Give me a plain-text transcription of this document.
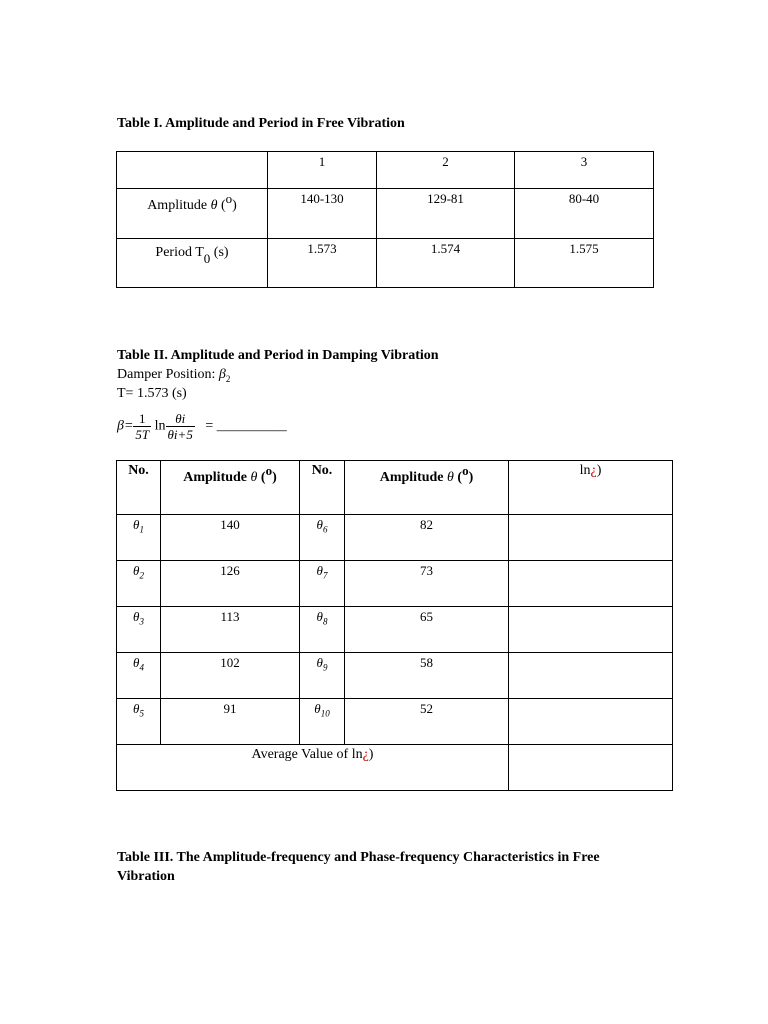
Table I. Amplitude and Period in Free Vibration
	1	2	3
Amplitude θ (o)	140-130	129-81	80-40
Period $T_0$ (s)	1.573	1.574	1.575
Table II. Amplitude and Period in Damping Vibration
Damper Position: $\beta_2$
T= 1.573 (s)
$\beta= \frac{1}{5T}$ $\ln \frac{\theta i}{\theta i+5}$ = __________
No.	Amplitude θ (o)	No.	Amplitude θ (o)	ln¿)
$\theta_1$	140	$\theta_6$	82	
$\theta_2$	126	$\theta_7$	73	
$\theta_3$	113	$\theta_8$	65	
$\theta_4$	102	$\theta_9$	58	
$\theta_5$	91	$\theta_{10}$	52	
Average Value of ln¿)				
Table III. The Amplitude-frequency and Phase-frequency Characteristics in Free
Vibration
